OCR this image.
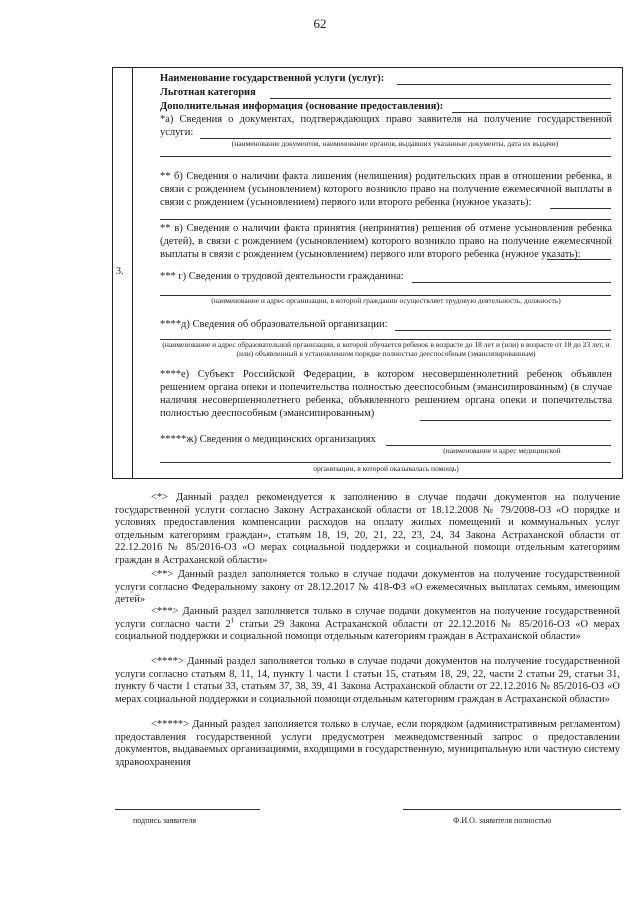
62
3.
Наименование государственной услуги (услуг):
Льготная категория
Дополнительная информация (основание предоставления):
*а) Сведения о документах, подтверждающих право заявителя на получение государственной услуги:
(наименование документов, наименование органов, выдавших указанные документы, дата их выдачи)
** б) Сведения о наличии факта лишения (нелишения) родительских прав в отношении ребенка, в связи с рождением (усыновлением) которого возникло право на получение ежемесячной выплаты в связи с рождением (усыновлением) первого или второго ребенка (нужное указать):
** в) Сведения о наличии факта принятия (непринятия) решения об отмене усыновления ребенка (детей), в связи с рождением (усыновлением) которого возникло право на получение ежемесячной выплаты в связи с рождением (усыновлением) первого или второго ребенка (нужное указать):
*** г) Сведения о трудовой деятельности гражданина:
(наименование и адрес организации, в которой гражданин осуществляет трудовую деятельность, должность)
****д) Сведения об образовательной организации:
(наименование и адрес образовательной организации, в которой обучается ребенок в возрасте до 18 лет и (или) в возрасте от 18 до 23 лет, и (или) объявленный в установленном порядке полностью дееспособным (эмансипированным)
****е) Субъект Российской Федерации, в котором несовершеннолетний ребенок объявлен решением органа опеки и попечительства полностью дееспособным (эмансипированным) (в случае наличия несовершеннолетнего ребенка, объявленного решением органа опеки и попечительства полностью дееспособным (эмансипированным)
*****ж) Сведения о медицинских организациях
(наименование и адрес медицинской
организации, в которой оказывалась помощь)
<*> Данный раздел рекомендуется к заполнению в случае подачи документов на получение государственной услуги согласно Закону Астраханской области от 18.12.2008 № 79/2008-ОЗ «О порядке и условиях предоставления компенсации расходов на оплату жилых помещений и коммунальных услуг отдельным категориям граждан», статьям 18, 19, 20, 21, 22, 23, 24, 34 Закона Астраханской области от 22.12.2016 № 85/2016-ОЗ «О мерах социальной поддержки и социальной помощи отдельным категориям граждан в Астраханской области»
<**> Данный раздел заполняется только в случае подачи документов на получение государственной услуги согласно Федеральному закону от 28.12.2017 № 418-ФЗ «О ежемесячных выплатах семьям, имеющим детей»
<***> Данный раздел заполняется только в случае подачи документов на получение государственной услуги согласно части $2^1$ статьи 29 Закона Астраханской области от 22.12.2016 № 85/2016-ОЗ «О мерах социальной поддержки и социальной помощи отдельным категориям граждан в Астраханской области»
<****> Данный раздел заполняется только в случае подачи документов на получение государственной услуги согласно статьям 8, 11, 14, пункту 1 части 1 статьи 15, статьям 18, 29, 22, части 2 статьи 29, статьи 31, пункту 6 части 1 статьи 33, статьям 37, 38, 39, 41 Закона Астраханской области от 22.12.2016 № 85/2016-ОЗ «О мерах социальной поддержки и социальной помощи отдельным категориям граждан в Астраханской области»
<*****> Данный раздел заполняется только в случае, если порядком (административным регламентом) предоставления государственной услуги предусмотрен межведомственный запрос о предоставлении документов, выдаваемых организациями, входящими в государственную, муниципальную или частную систему здравоохранения
подпись заявителя	Ф.И.О. заявителя полностью
